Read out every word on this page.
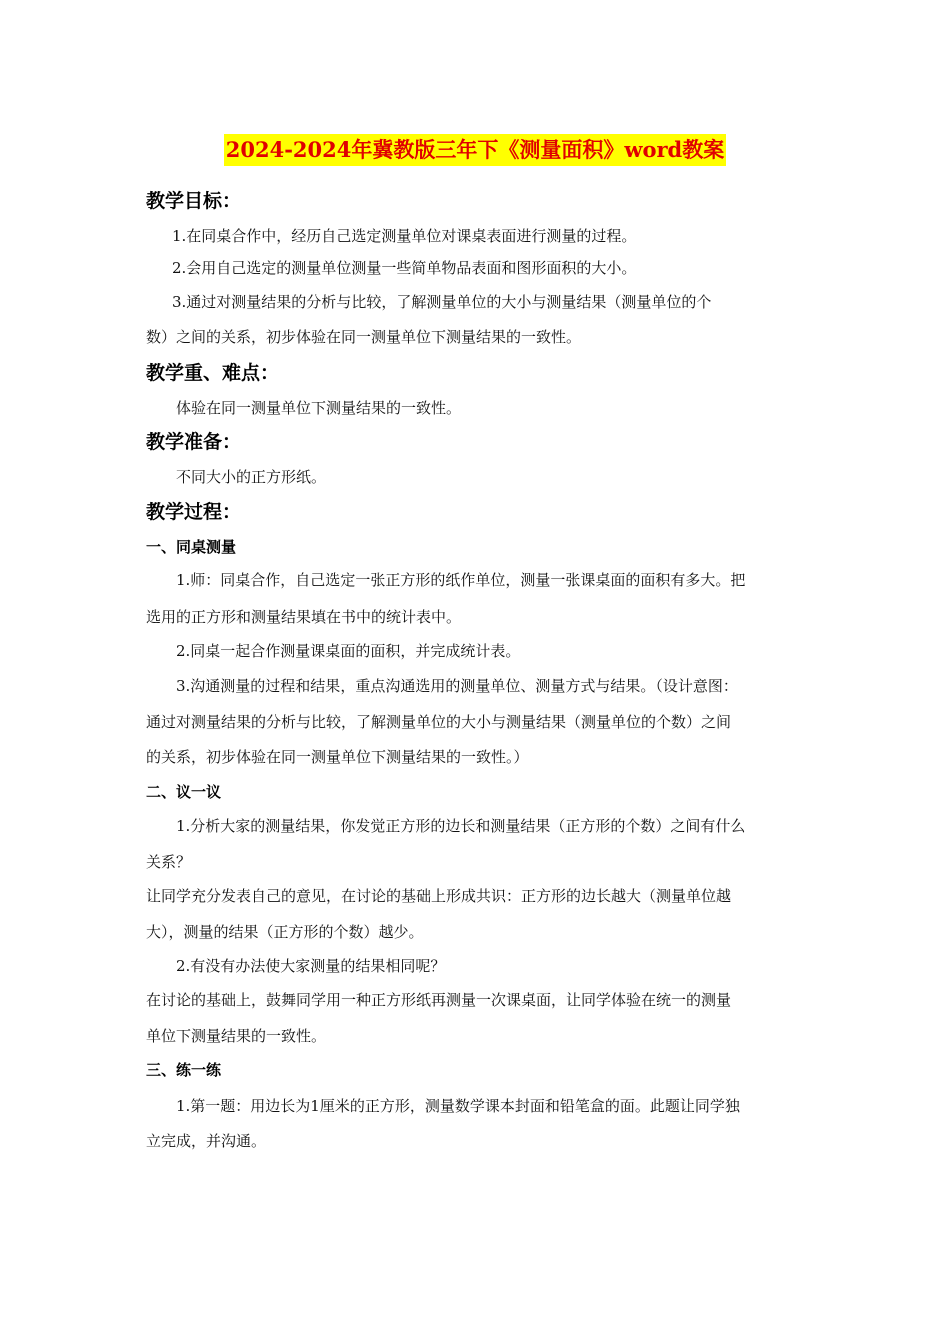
2024-2024年冀教版三年下《测量面积》word教案
教学目标：
1.在同桌合作中，经历自己选定测量单位对课桌表面进行测量的过程。
2.会用自己选定的测量单位测量一些简单物品表面和图形面积的大小。
3.通过对测量结果的分析与比较，了解测量单位的大小与测量结果（测量单位的个
数）之间的关系，初步体验在同一测量单位下测量结果的一致性。
教学重、难点：
体验在同一测量单位下测量结果的一致性。
教学准备：
不同大小的正方形纸。
教学过程：
一、同桌测量
1.师：同桌合作，自己选定一张正方形的纸作单位，测量一张课桌面的面积有多大。把
选用的正方形和测量结果填在书中的统计表中。
2.同桌一起合作测量课桌面的面积，并完成统计表。
3.沟通测量的过程和结果，重点沟通选用的测量单位、测量方式与结果。（设计意图：
通过对测量结果的分析与比较，了解测量单位的大小与测量结果（测量单位的个数）之间
的关系，初步体验在同一测量单位下测量结果的一致性。）
二、议一议
1.分析大家的测量结果，你发觉正方形的边长和测量结果（正方形的个数）之间有什么
关系？
让同学充分发表自己的意见，在讨论的基础上形成共识：正方形的边长越大（测量单位越
大），测量的结果（正方形的个数）越少。
2.有没有办法使大家测量的结果相同呢？
在讨论的基础上，鼓舞同学用一种正方形纸再测量一次课桌面，让同学体验在统一的测量
单位下测量结果的一致性。
三、练一练
1.第一题：用边长为1厘米的正方形，测量数学课本封面和铅笔盒的面。此题让同学独
立完成，并沟通。
